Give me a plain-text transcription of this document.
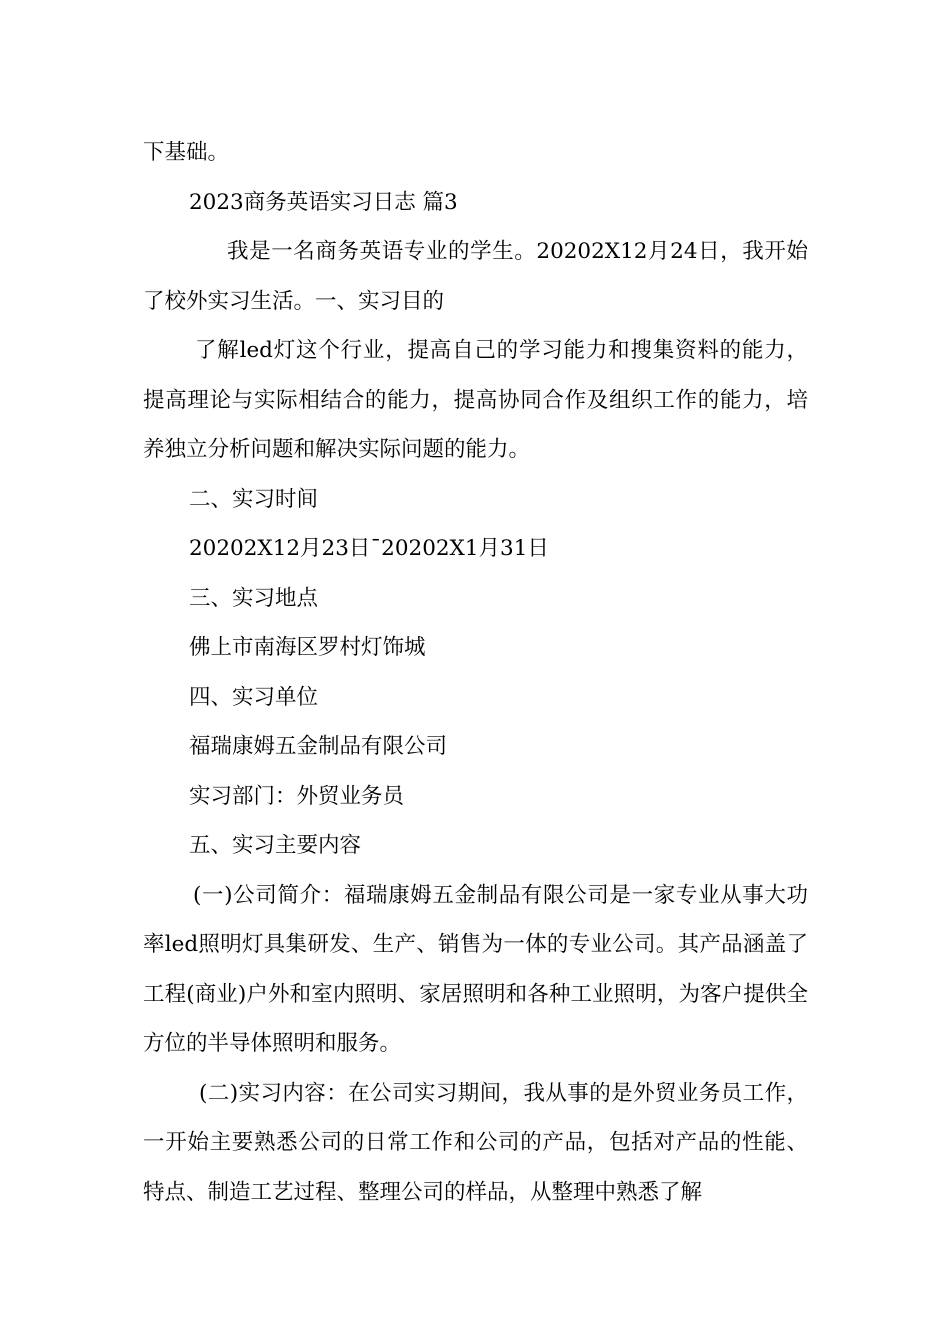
下基础。

2023商务英语实习日志 篇3

我是一名商务英语专业的学生。20202X12月24日，我开始了校外实习生活。一、实习目的

了解led灯这个行业，提高自己的学习能力和搜集资料的能力，提高理论与实际相结合的能力，提高协同合作及组织工作的能力，培养独立分析问题和解决实际问题的能力。

二、实习时间

20202X12月23日¯20202X1月31日

三、实习地点

佛上市南海区罗村灯饰城

四、实习单位

福瑞康姆五金制品有限公司

实习部门：外贸业务员

五、实习主要内容

(一)公司简介：福瑞康姆五金制品有限公司是一家专业从事大功率led照明灯具集研发、生产、销售为一体的专业公司。其产品涵盖了工程(商业)户外和室内照明、家居照明和各种工业照明，为客户提供全方位的半导体照明和服务。

(二)实习内容：在公司实习期间，我从事的是外贸业务员工作，一开始主要熟悉公司的日常工作和公司的产品，包括对产品的性能、特点、制造工艺过程、整理公司的样品，从整理中熟悉了解
